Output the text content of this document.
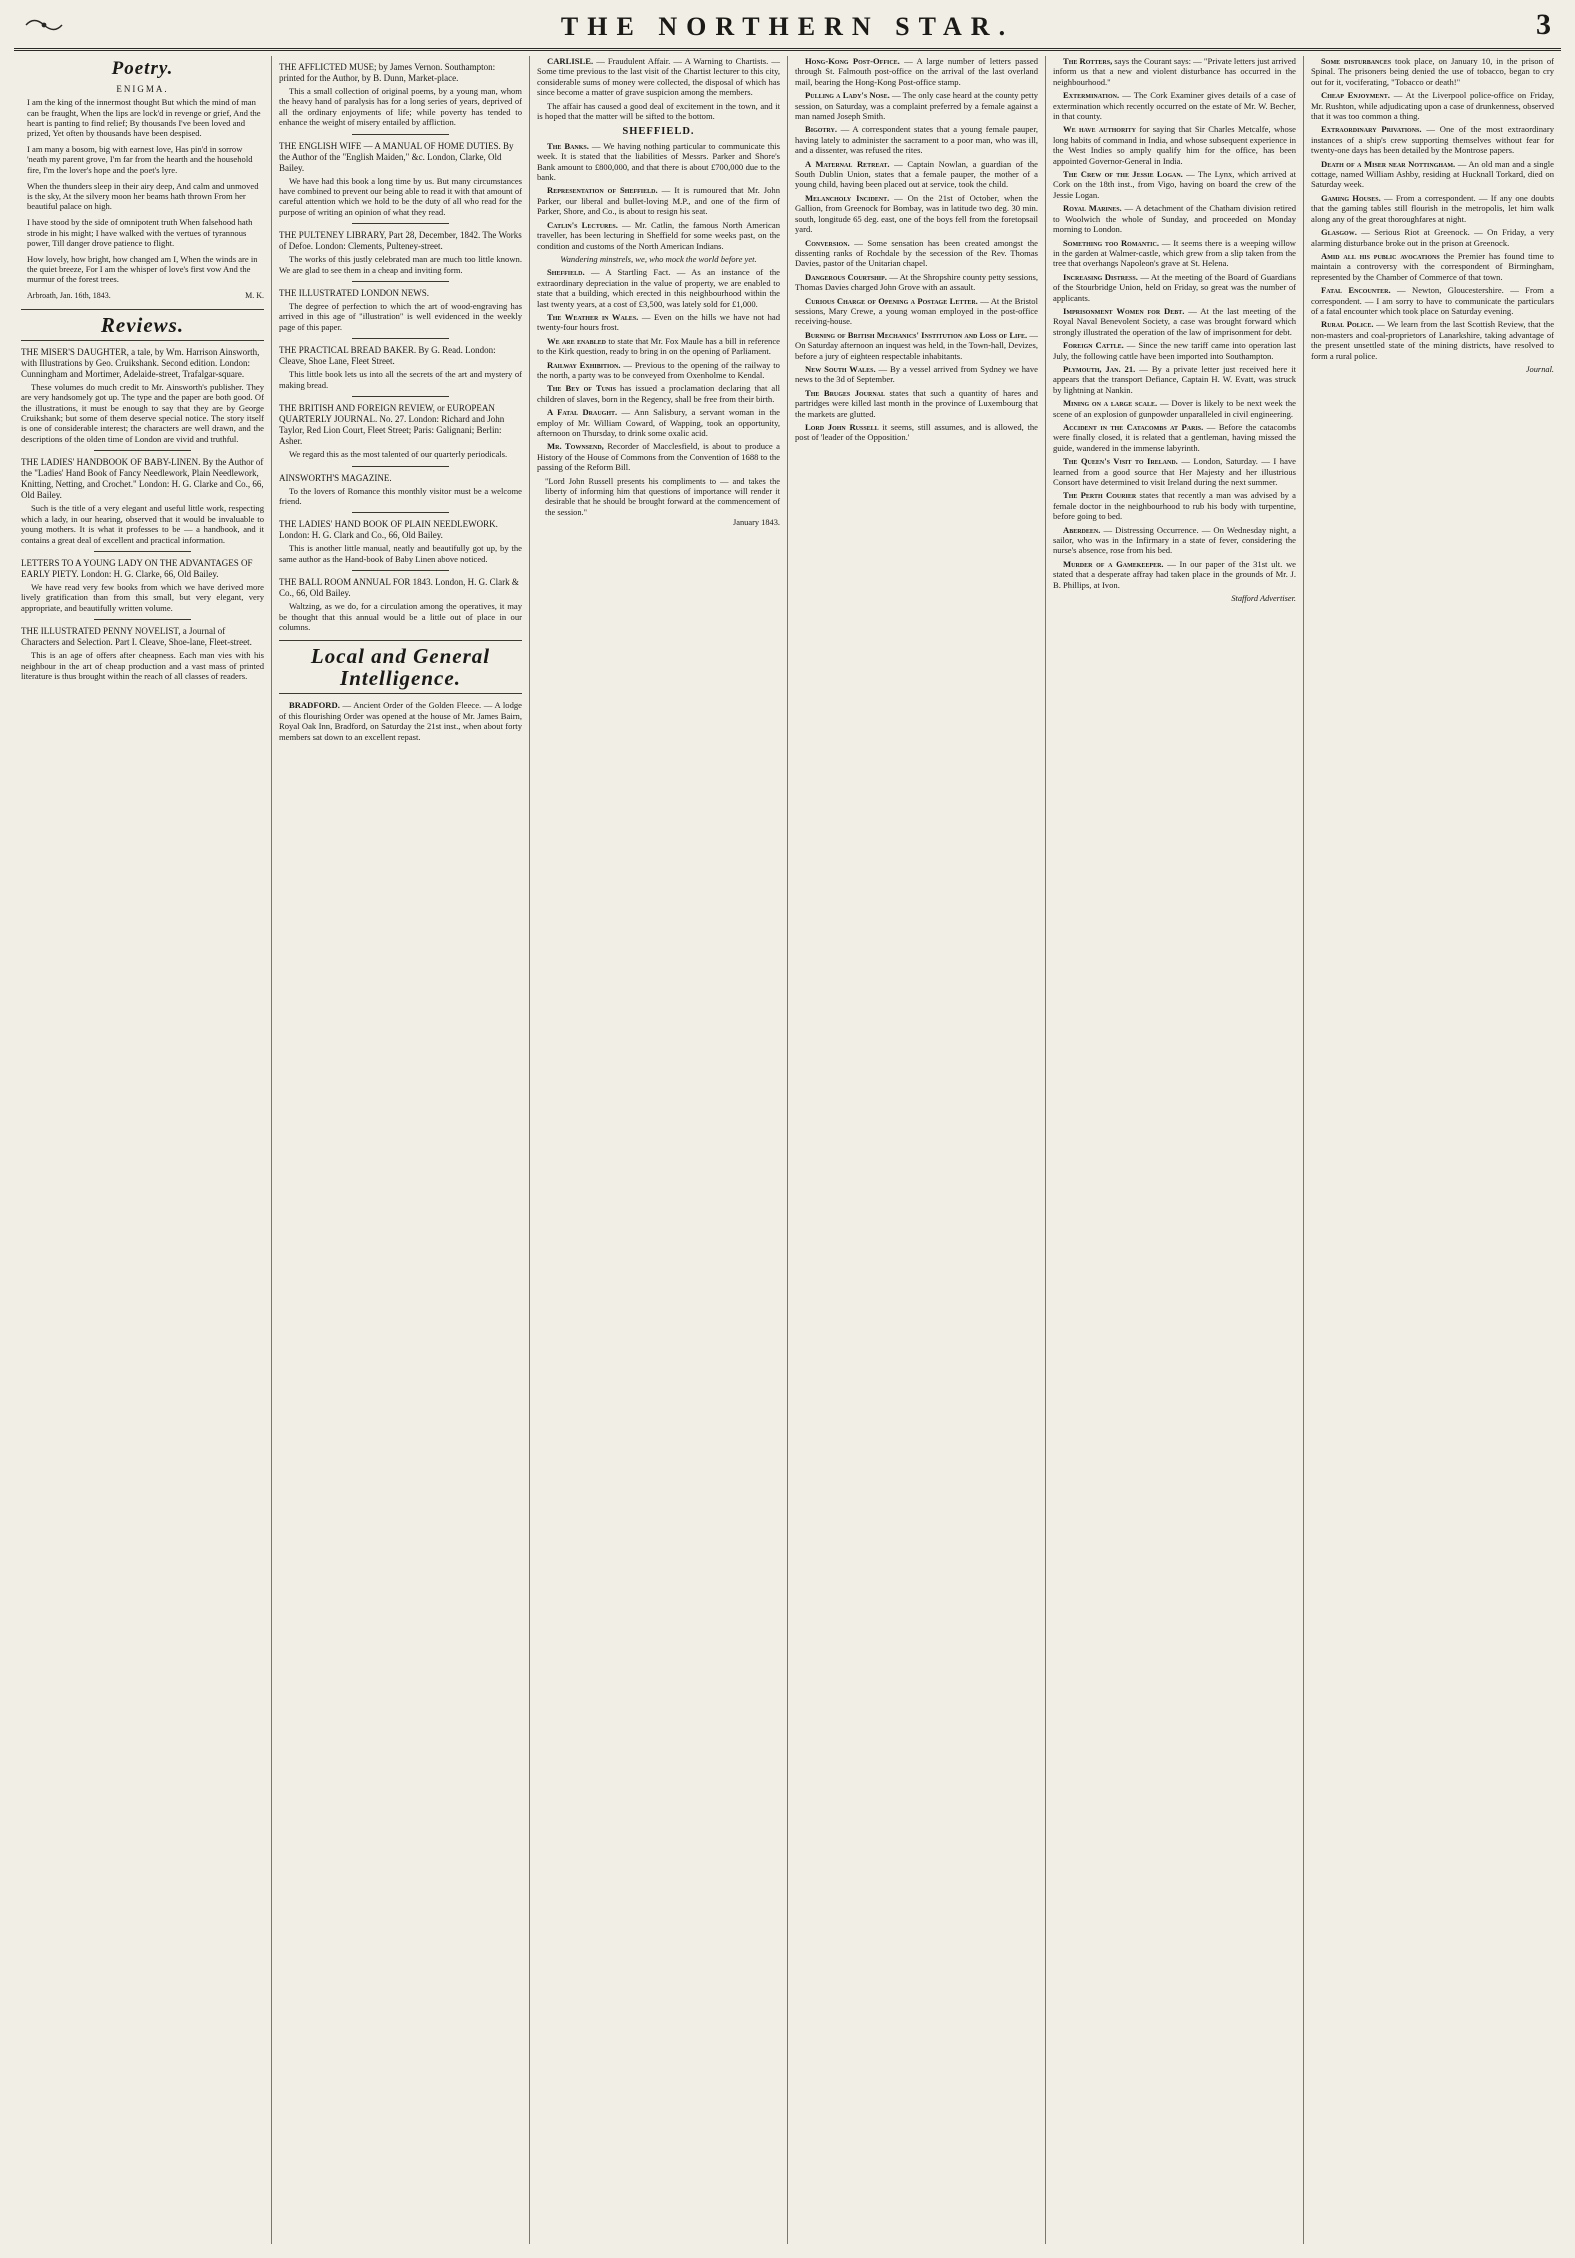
THE NORTHERN STAR.	3
Poetry.
ENIGMA.

I am the king of the innermost thought But which the mind of man can be fraught, When the lips are lock'd in revenge or grief, And the heart is panting to find relief; By thousands I've been loved and prized, Yet often by thousands have been despised.

I am many a bosom, big with earnest love, Has pin'd in sorrow 'neath my parent grove, I'm far from the hearth and the household fire, I'm the lover's hope and the poet's lyre.

When the thunders sleep in their airy deep, And calm and unmoved is the sky, At the silvery moon her beams hath thrown From her beautiful palace on high.

I have stood by the side of omnipotent truth When falsehood hath strode in his might; I have walked with the vertues of tyrannous power, Till danger drove patience to flight.

How lovely, how bright, how changed am I, When the winds are in the quiet breeze, For I am the whisper of love's first vow And the murmur of the forest trees.

Arbroath, Jan. 16th, 1843.	M. K.
Reviews.
THE MISER'S DAUGHTER, a tale, by Wm. Harrison Ainsworth, with Illustrations by Geo. Cruikshank. Second edition. London: Cunningham and Mortimer, Adelaide-street, Trafalgar-square.

These volumes do much credit to Mr. Ainsworth's publisher. They are very handsomely got up. The type and the paper are both good. Of the illustrations, it must be enough to say that they are by George Cruikshank; but some of them deserve special notice. The story itself is one of considerable interest; the characters are well drawn, and the descriptions of the olden time of London are vivid and truthful.

THE LADIES' HANDBOOK OF BABY-LINEN. By the Author of the "Ladies' Hand Book of Fancy Needlework, Plain Needlework, Knitting, Netting, and Crochet." London: H. G. Clarke and Co., 66, Old Bailey.

Such is the title of a very elegant and useful little work, respecting which a lady, in our hearing, observed that it would be invaluable to young mothers. It is what it professes to be — a handbook, and it contains a great deal of excellent and practical information.

LETTERS TO A YOUNG LADY ON THE ADVANTAGES OF EARLY PIETY. London: H. G. Clarke, 66, Old Bailey.

We have read very few books from which we have derived more lively gratification than from this small, but very elegant, very appropriate, and beautifully written volume.

THE ILLUSTRATED PENNY NOVELIST, a Journal of Characters and Selection. Part I. Cleave, Shoe-lane, Fleet-street.

This is an age of offers after cheapness. Each man vies with his neighbour in the art of cheap production and a vast mass of printed literature is thus brought within the reach of all classes of readers.

THE AFFLICTED MUSE; by James Vernon. Southampton: printed for the Author, by B. Dunn, Market-place.

This a small collection of original poems, by a young man, whom the heavy hand of paralysis has for a long series of years, deprived of all the ordinary enjoyments of life; while poverty has tended to enhance the weight of misery entailed by affliction.

THE ENGLISH WIFE — A MANUAL OF HOME DUTIES. By the Author of the "English Maiden," &c. London, Clarke, Old Bailey.

We have had this book a long time by us. But many circumstances have combined to prevent our being able to read it with that amount of careful attention which we hold to be the duty of all who read for the purpose of writing an opinion of what they read.

THE PULTENEY LIBRARY, Part 28, December, 1842. The Works of Defoe. London: Clements, Pulteney-street.

The works of this justly celebrated man are much too little known. We are glad to see them in a cheap and inviting form.

THE ILLUSTRATED LONDON NEWS.

The degree of perfection to which the art of wood-engraving has arrived in this age of "illustration" is well evidenced in the weekly page of this paper.

THE PRACTICAL BREAD BAKER. By G. Read. London: Cleave, Shoe Lane, Fleet Street.

This little book lets us into all the secrets of the art and mystery of making bread.

THE BRITISH AND FOREIGN REVIEW, or EUROPEAN QUARTERLY JOURNAL. No. 27. London: Richard and John Taylor, Red Lion Court, Fleet Street; Paris: Galignani; Berlin: Asher.

We regard this as the most talented of our quarterly periodicals.

AINSWORTH'S MAGAZINE.

To the lovers of Romance this monthly visitor must be a welcome friend.

THE LADIES' HAND BOOK OF PLAIN NEEDLEWORK. London: H. G. Clark and Co., 66, Old Bailey.

This is another little manual, neatly and beautifully got up, by the same author as the Hand-book of Baby Linen above noticed.

THE BALL ROOM ANNUAL FOR 1843. London, H. G. Clark & Co., 66, Old Bailey.

Waltzing, as we do, for a circulation among the operatives, it may be thought that this annual would be a little out of place in our columns.

Local and General Intelligence.

BRADFORD. — Ancient Order of the Golden Fleece. — A lodge of this flourishing Order was opened at the house of Mr. James Bairn, Royal Oak Inn, Bradford, on Saturday the 21st inst., when about forty members sat down to an excellent repast.

CARLISLE. — Fraudulent Affair. — A Warning to Chartists. — Some time previous to the last visit of the Chartist lecturer to this city, considerable sums of money were collected, the disposal of which has since become a matter of grave suspicion among the members.

The affair has caused a good deal of excitement in the town, and it is hoped that the matter will be sifted to the bottom.

SHEFFIELD.

The Banks. — We having nothing particular to communicate this week. It is stated that the liabilities of Messrs. Parker and Shore's Bank amount to £800,000, and that there is about £700,000 due to the bank.

Representation of Sheffield. — It is rumoured that Mr. John Parker, our liberal and bullet-loving M.P., and one of the firm of Parker, Shore, and Co., is about to resign his seat.

Catlin's Lectures. — Mr. Catlin, the famous North American traveller, has been lecturing in Sheffield for some weeks past, on the condition and customs of the North American Indians.

Wandering minstrels, we, who mock the world before yet.

Sheffield. — A Startling Fact. — As an instance of the extraordinary depreciation in the value of property, we are enabled to state that a building, which erected in this neighbourhood within the last twenty years, at a cost of £3,500, was lately sold for £1,000.

The Weather in Wales. — Even on the hills we have not had twenty-four hours frost.

We are enabled to state that Mr. Fox Maule has a bill in reference to the Kirk question, ready to bring in on the opening of Parliament.

Railway Exhibition. — Previous to the opening of the railway to the north, a party was to be conveyed from Oxenholme to Kendal.

The Bey of Tunis has issued a proclamation declaring that all children of slaves, born in the Regency, shall be free from their birth.

A Fatal Draught. — Ann Salisbury, a servant woman in the employ of Mr. William Coward, of Wapping, took an opportunity, afternoon on Thursday, to drink some oxalic acid.

Mr. Townsend, Recorder of Macclesfield, is about to produce a History of the House of Commons from the Convention of 1688 to the passing of the Reform Bill.

"Lord John Russell presents his compliments to — and takes the liberty of informing him that questions of importance will render it desirable that he should be brought forward at the commencement of the session."
January 1843.

Hong-Kong Post-Office. — A large number of letters passed through St. Falmouth post-office on the arrival of the last overland mail, bearing the Hong-Kong Post-office stamp.

Pulling a Lady's Nose. — The only case heard at the county petty session, on Saturday, was a complaint preferred by a female against a man named Joseph Smith.

Bigotry. — A correspondent states that a young female pauper, having lately to administer the sacrament to a poor man, who was ill, and a dissenter, was refused the rites.

A Maternal Retreat. — Captain Nowlan, a guardian of the South Dublin Union, states that a female pauper, the mother of a young child, having been placed out at service, took the child.

Melancholy Incident. — On the 21st of October, when the Gallion, from Greenock for Bombay, was in latitude two deg. 30 min. south, longitude 65 deg. east, one of the boys fell from the foretopsail yard.

Conversion. — Some sensation has been created amongst the dissenting ranks of Rochdale by the secession of the Rev. Thomas Davies, pastor of the Unitarian chapel.

Dangerous Courtship. — At the Shropshire county petty sessions, Thomas Davies charged John Grove with an assault.

Curious Charge of Opening a Postage Letter. — At the Bristol sessions, Mary Crewe, a young woman employed in the post-office receiving-house.

Burning of British Mechanics' Institution and Loss of Life. — On Saturday afternoon an inquest was held, in the Town-hall, Devizes, before a jury of eighteen respectable inhabitants.

New South Wales. — By a vessel arrived from Sydney we have news to the 3d of September.

The Bruges Journal states that such a quantity of hares and partridges were killed last month in the province of Luxembourg that the markets are glutted.

Lord John Russell it seems, still assumes, and is allowed, the post of 'leader of the Opposition.'

The Rotters, says the Courant says: — "Private letters just arrived inform us that a new and violent disturbance has occurred in the neighbourhood."

Extermination. — The Cork Examiner gives details of a case of extermination which recently occurred on the estate of Mr. W. Becher, in that county.

We have authority for saying that Sir Charles Metcalfe, whose long habits of command in India, and whose subsequent experience in the West Indies so amply qualify him for the office, has been appointed Governor-General in India.

The Crew of the Jessie Logan. — The Lynx, which arrived at Cork on the 18th inst., from Vigo, having on board the crew of the Jessie Logan.

Royal Marines. — A detachment of the Chatham division retired to Woolwich the whole of Sunday, and proceeded on Monday morning to London.

Something too Romantic. — It seems there is a weeping willow in the garden at Walmer-castle, which grew from a slip taken from the tree that overhangs Napoleon's grave at St. Helena.

Increasing Distress. — At the meeting of the Board of Guardians of the Stourbridge Union, held on Friday, so great was the number of applicants.

Imprisonment Women for Debt. — At the last meeting of the Royal Naval Benevolent Society, a case was brought forward which strongly illustrated the operation of the law of imprisonment for debt.

Foreign Cattle. — Since the new tariff came into operation last July, the following cattle have been imported into Southampton.

Plymouth, Jan. 21. — By a private letter just received here it appears that the transport Defiance, Captain H. W. Evatt, was struck by lightning at Nankin.

Mining on a large scale. — Dover is likely to be next week the scene of an explosion of gunpowder unparalleled in civil engineering.

Accident in the Catacombs at Paris. — Before the catacombs were finally closed, it is related that a gentleman, having missed the guide, wandered in the immense labyrinth.

The Queen's Visit to Ireland. — London, Saturday. — I have learned from a good source that Her Majesty and her illustrious Consort have determined to visit Ireland during the next summer.

The Perth Courier states that recently a man was advised by a female doctor in the neighbourhood to rub his body with turpentine, before going to bed.

Aberdeen. — Distressing Occurrence. — On Wednesday night, a sailor, who was in the Infirmary in a state of fever, considering the nurse's absence, rose from his bed.

Murder of a Gamekeeper. — In our paper of the 31st ult. we stated that a desperate affray had taken place in the grounds of Mr. J. B. Phillips, at Ivon.

Stafford Advertiser.

Some disturbances took place, on January 10, in the prison of Spinal. The prisoners being denied the use of tobacco, began to cry out for it, vociferating, "Tobacco or death!"

Cheap Enjoyment. — At the Liverpool police-office on Friday, Mr. Rushton, while adjudicating upon a case of drunkenness, observed that it was too common a thing.

Extraordinary Privations. — One of the most extraordinary instances of a ship's crew supporting themselves without fear for twenty-one days has been detailed by the Montrose papers.

Death of a Miser near Nottingham. — An old man and a single cottage, named William Ashby, residing at Hucknall Torkard, died on Saturday week.

Gaming Houses. — From a correspondent. — If any one doubts that the gaming tables still flourish in the metropolis, let him walk along any of the great thoroughfares at night.

Glasgow. — Serious Riot at Greenock. — On Friday, a very alarming disturbance broke out in the prison at Greenock.

Amid all his public avocations the Premier has found time to maintain a controversy with the correspondent of Birmingham, represented by the Chamber of Commerce of that town.

Fatal Encounter. — Newton, Gloucestershire. — From a correspondent. — I am sorry to have to communicate the particulars of a fatal encounter which took place on Saturday evening.

Rural Police. — We learn from the last Scottish Review, that the non-masters and coal-proprietors of Lanarkshire, taking advantage of the present unsettled state of the mining districts, have resolved to form a rural police.

Journal.
